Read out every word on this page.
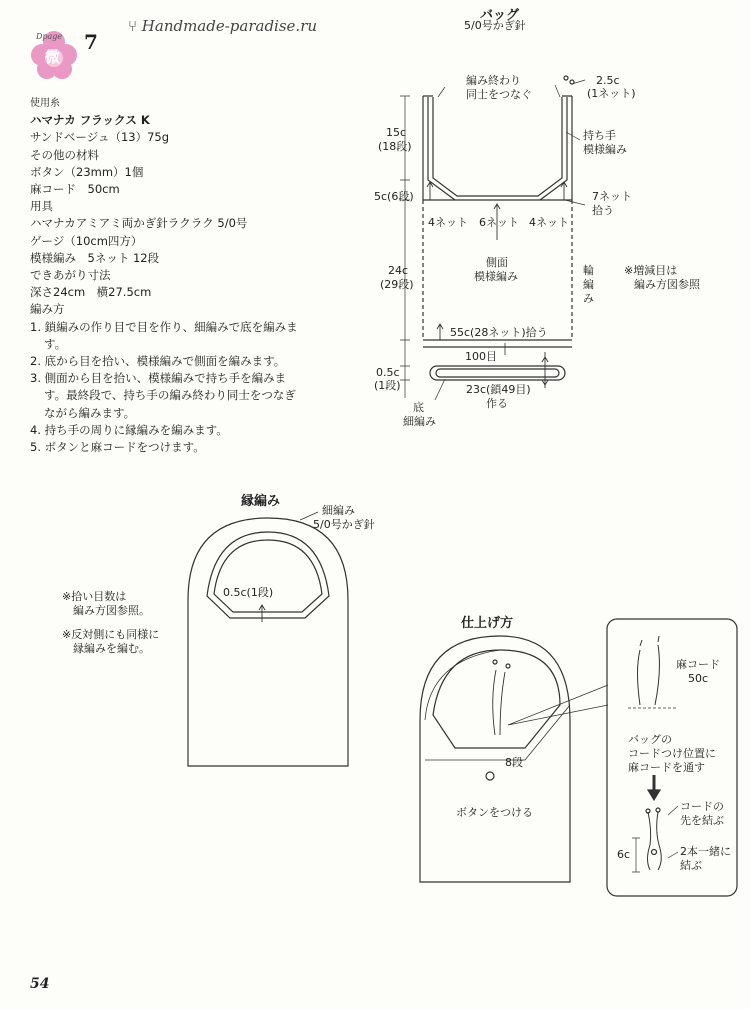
Dpage
微
7
⑂ Handmade-paradise.ru
使用糸
ハマナカ フラックス K
サンドベージュ（13）75g
その他の材料
ボタン（23mm）1個
麻コード　50cm
用具
ハマナカアミアミ両かぎ針ラクラク 5/0号
ゲージ（10cm四方）
模様編み　5ネット 12段
できあがり寸法
深さ24cm　横27.5cm
編み方
1. 鎖編みの作り目で目を作り、細編みで底を編みます。
2. 底から目を拾い、模様編みで側面を編みます。
3. 側面から目を拾い、模様編みで持ち手を編みます。最終段で、持ち手の編み終わり同士をつなぎながら編みます。
4. 持ち手の周りに縁編みを編みます。
5. ボタンと麻コードをつけます。
バッグ
5/0号かぎ針
編み終わり
同士をつなぐ
2.5c
(1ネット)
持ち手
模様編み
15c
(18段)
5c(6段)	7ネット
拾う
4ネット 6ネット 4ネット
側面
模様編み
24c
(29段)
輪
編
み
※増減目は
編み方図参照
55c(28ネット)拾う
100目
0.5c
(1段)	23c(鎖49目)
作る
底
細編み
縁編み
細編み
5/0号かぎ針
0.5c(1段)
※拾い目数は
編み方図参照。
※反対側にも同様に
縁編みを編む。
仕上げ方
8段
ボタンをつける
麻コード
50c
バッグの
コードつけ位置に
麻コードを通す
コードの
先を結ぶ
6c	2本一緒に
結ぶ
54
